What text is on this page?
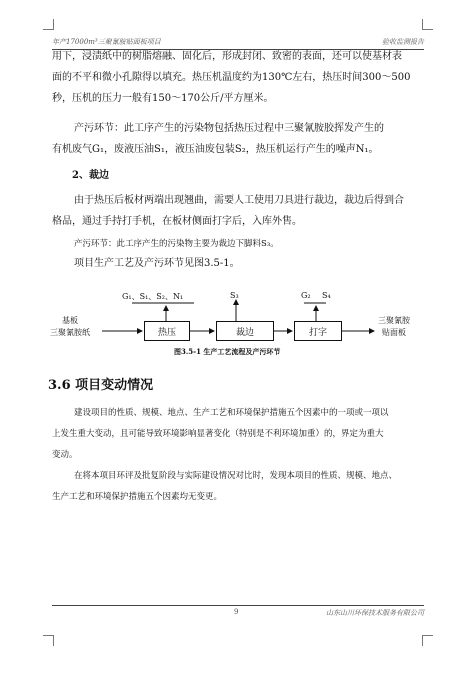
年产17000m³三聚氰胺贴面板项目	验收监测报告
用下，浸渍纸中的树脂熔融、固化后，形成封闭、致密的表面，还可以使基材表
面的不平和微小孔隙得以填充。热压机温度约为130℃左右，热压时间300～500
秒，压机的压力一般有150～170公斤/平方厘米。
产污环节：此工序产生的污染物包括热压过程中三聚氰胺胶挥发产生的
有机废气G₁，废液压油S₁，液压油废包装S₂，热压机运行产生的噪声N₁。
2、裁边
由于热压后板材两端出现翘曲，需要人工使用刀具进行裁边，裁边后得到合
格品，通过手持打手机，在板材侧面打字后，入库外售。
产污环节：此工序产生的污染物主要为裁边下脚料S₃。
项目生产工艺及产污环节见图3.5-1。
基板
三聚氰胺纸	热压	裁边	打字
三聚氰胺
贴面板
G₁、S₁、S₂、N₁	S₃	G₂ S₄
图3.5-1 生产工艺流程及产污环节
3.6 项目变动情况
建设项目的性质、规模、地点、生产工艺和环境保护措施五个因素中的一项或一项以
上发生重大变动，且可能导致环境影响显著变化（特别是不利环境加重）的，界定为重大
变动。
在将本项目环评及批复阶段与实际建设情况对比时，发现本项目的性质、规模、地点、
生产工艺和环境保护措施五个因素均无变更。
9	山东山川环保技术服务有限公司
